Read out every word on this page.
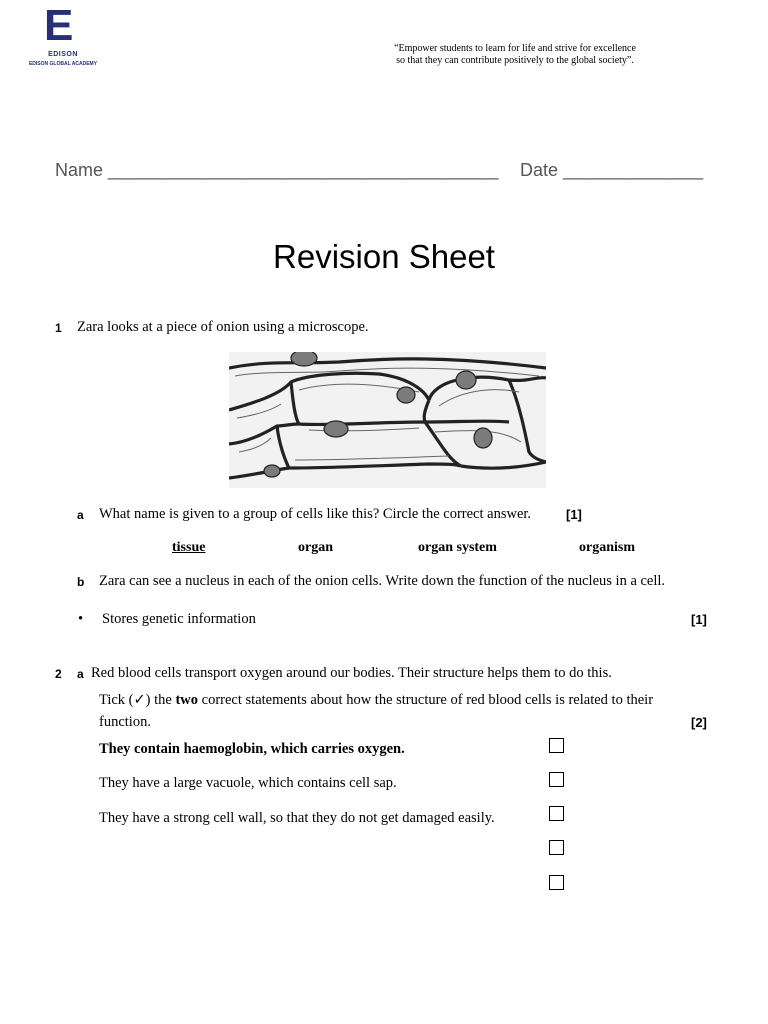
E
EDISON
EDISON GLOBAL ACADEMY
“Empower students to learn for life and strive for excellence
so that they can contribute positively to the global society”.
Name _______________________________________ Date ______________
Revision Sheet
1 Zara looks at a piece of onion using a microscope.
a What name is given to a group of cells like this? Circle the correct answer.	[1]
tissue	organ	organ system	organism
b Zara can see a nucleus in each of the onion cells. Write down the function of the nucleus in a cell.
• Stores genetic information	[1]
2 a Red blood cells transport oxygen around our bodies. Their structure helps them to do this.
Tick (✓) the two correct statements about how the structure of red blood cells is related to their
function.	[2]
They contain haemoglobin, which carries oxygen.
They have a large vacuole, which contains cell sap.
They have a strong cell wall, so that they do not get damaged easily.
